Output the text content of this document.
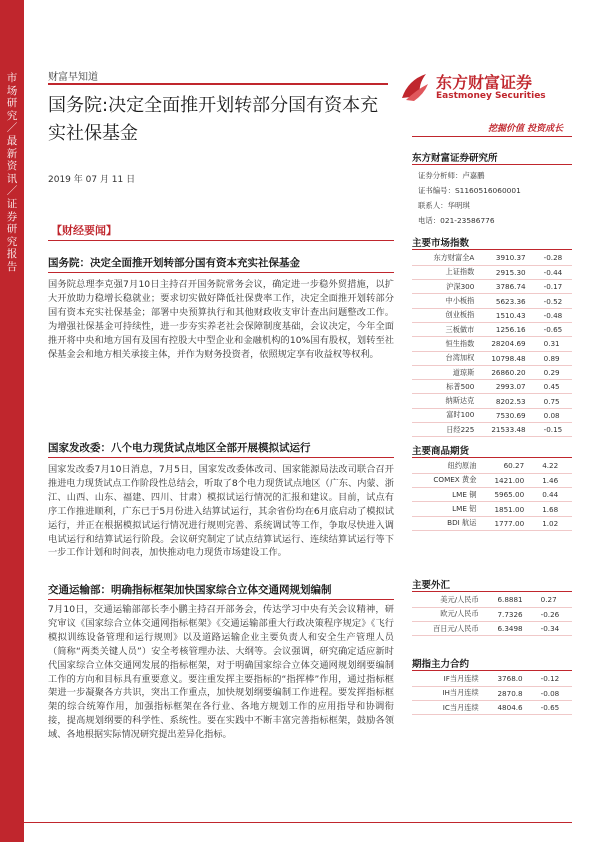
市场研究／最新资讯／证券研究报告
财富早知道
国务院:决定全面推开划转部分国有资本充实社保基金
2019 年 07 月 11 日
东方财富证券
Eastmoney Securities
挖掘价值 投资成长
东方财富证券研究所
证券分析师：卢嘉鹏
证书编号：S1160516060001
联系人：华明琪
电话：021-23586776
【财经要闻】
国务院：决定全面推开划转部分国有资本充实社保基金
国务院总理李克强7月10日主持召开国务院常务会议，确定进一步稳外贸措施，以扩大开放助力稳增长稳就业；要求切实做好降低社保费率工作，决定全面推开划转部分国有资本充实社保基金；部署中央预算执行和其他财政收支审计查出问题整改工作。为增强社保基金可持续性，进一步夯实养老社会保障制度基础，会议决定，今年全面推开将中央和地方国有及国有控股大中型企业和金融机构的10%国有股权，划转至社保基金会和地方相关承接主体，并作为财务投资者，依照规定享有收益权等权利。
国家发改委：八个电力现货试点地区全部开展模拟试运行
国家发改委7月10日消息，7月5日，国家发改委体改司、国家能源局法改司联合召开推进电力现货试点工作阶段性总结会，听取了8个电力现货试点地区（广东、内蒙、浙江、山西、山东、福建、四川、甘肃）模拟试运行情况的汇报和建议。目前，试点有序工作推进顺利，广东已于5月份进入结算试运行，其余省份均在6月底启动了模拟试运行，并正在根据模拟试运行情况进行规则完善、系统调试等工作，争取尽快进入调电试运行和结算试运行阶段。会议研究制定了试点结算试运行、连续结算试运行等下一步工作计划和时间表，加快推动电力现货市场建设工作。
交通运输部：明确指标框架加快国家综合立体交通网规划编制
7月10日，交通运输部部长李小鹏主持召开部务会，传达学习中央有关会议精神，研究审议《国家综合立体交通网指标框架》《交通运输部重大行政决策程序规定》《飞行模拟训练设备管理和运行规则》以及道路运输企业主要负责人和安全生产管理人员（简称“两类关键人员”）安全考核管理办法、大纲等。会议强调，研究确定适应新时代国家综合立体交通网发展的指标框架，对于明确国家综合立体交通网规划纲要编制工作的方向和目标具有重要意义。要注重发挥主要指标的“指挥棒”作用，通过指标框架进一步凝聚各方共识，突出工作重点，加快规划纲要编制工作进程。要发挥指标框架的综合统筹作用，加强指标框架在各行业、各地方规划工作的应用指导和协调衔接，提高规划纲要的科学性、系统性。要在实践中不断丰富完善指标框架，鼓励各领域、各地根据实际情况研究提出差异化指标。
主要市场指数
东方财富全A	3910.37	-0.28
上证指数	2915.30	-0.44
沪深300	3786.74	-0.17
中小板指	5623.36	-0.52
创业板指	1510.43	-0.48
三板做市	1256.16	-0.65
恒生指数	28204.69	0.31
台湾加权	10798.48	0.89
道琼斯	26860.20	0.29
标普500	2993.07	0.45
纳斯达克	8202.53	0.75
富时100	7530.69	0.08
日经225	21533.48	-0.15
主要商品期货
纽约原油	60.27	4.22
COMEX 黄金	1421.00	1.46
LME 铜	5965.00	0.44
LME 铝	1851.00	1.68
BDI 航运	1777.00	1.02
主要外汇
美元/人民币	6.8881	0.27
欧元/人民币	7.7326	-0.26
百日元/人民币	6.3498	-0.34
期指主力合约
IF当月连续	3768.0	-0.12
IH当月连续	2870.8	-0.08
IC当月连续	4804.6	-0.65
